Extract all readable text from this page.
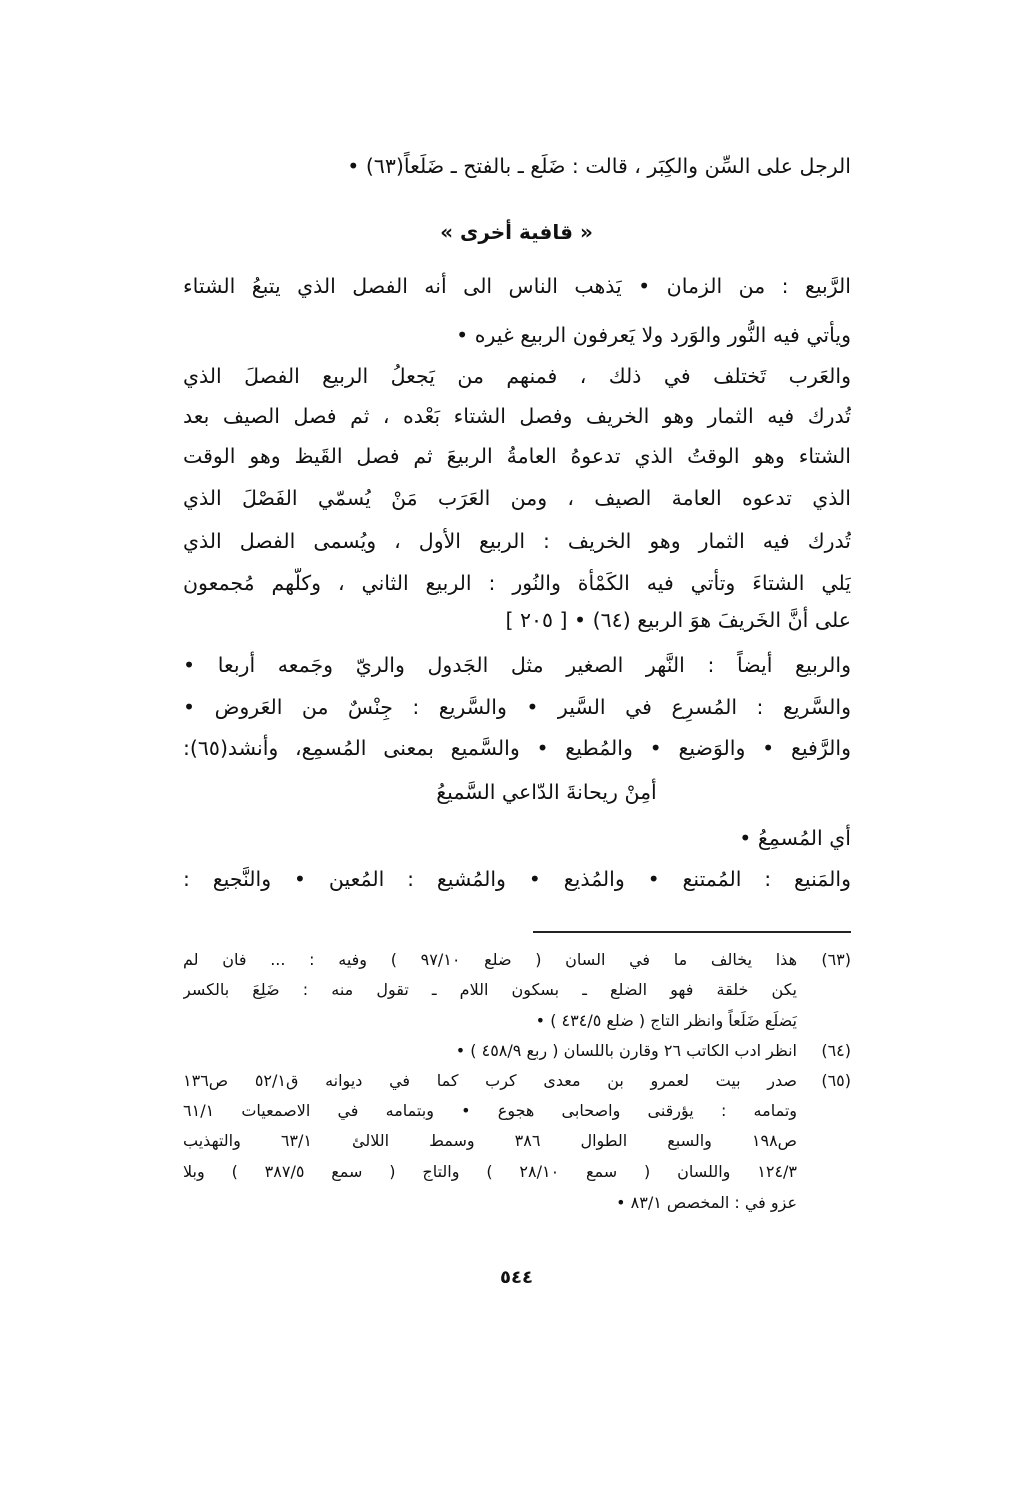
الرجل على السِّن والكِبَر ، قالت : ضَلَع ـ بالفتح ـ ضَلَعاً(٦٣) •
« قافية أخرى »
الرَّبيع : من الزمان • يَذهب الناس الى أنه الفصل الذي يتبعُ الشتاء
ويأتي فيه النُّور والوَرد ولا يَعرفون الربيع غيره •
والعَرب تَختلف في ذلك ، فمنهم من يَجعلُ الربيع الفصلَ الذي
تُدرك فيه الثمار وهو الخريف وفصل الشتاء بَعْده ، ثم فصل الصيف بعد
الشتاء وهو الوقتُ الذي تدعوهُ العامةُ الربيعَ ثم فصل القَيظ وهو الوقت
الذي تدعوه العامة الصيف ، ومن العَرَب مَنْ يُسمّي الفَصْلَ الذي
تُدرك فيه الثمار وهو الخريف : الربيع الأول ، ويُسمى الفصل الذي
يَلي الشتاءَ وتأتي فيه الكَمْأة والنُور : الربيع الثاني ، وكلّهم مُجمعون
على أنَّ الخَريفَ هوَ الربيع (٦٤) • [ ٢٠٥ ]
والربيع أيضاً : النَّهر الصغير مثل الجَدول والريّ وجَمعه أربعا •
والسَّريع : المُسرِع في السَّير • والسَّريع : جِنْسٌ من العَروض •
والرَّفيع • والوَضيع • والمُطيع • والسَّميع بمعنى المُسمِع، وأنشد(٦٥):
أمِنْ ريحانةَ الدّاعي السَّميعُ
أي المُسمِعُ •
والمَنيع : المُمتنع • والمُذيع • والمُشيع : المُعين • والنَّجيع :
(٦٣)
هذا يخالف ما في السان ( ضلع ٩٧/١٠ ) وفيه : ... فان لم
يكن خلقة فهو الضلع ـ بسكون اللام ـ تقول منه : ضَلِعَ بالكسر
يَضلَع ضَلَعاً وانظر التاج ( ضلع ٤٣٤/٥ ) •
(٦٤)
انظر ادب الكاتب ٢٦ وقارن باللسان ( ربع ٤٥٨/٩ ) •
(٦٥)
صدر بيت لعمرو بن معدى كرب كما في ديوانه ق٥٢/١ ص١٣٦
وتمامه : يؤرقنى واصحابى هجوع • وبتمامه في الاصمعيات ٦١/١
ص١٩٨ والسبع الطوال ٣٨٦ وسمط اللالئ ٦٣/١ والتهذيب
١٢٤/٣ واللسان ( سمع ٢٨/١٠ ) والتاج ( سمع ٣٨٧/٥ ) وبلا
عزو في : المخصص ٨٣/١ •
٥٤٤
